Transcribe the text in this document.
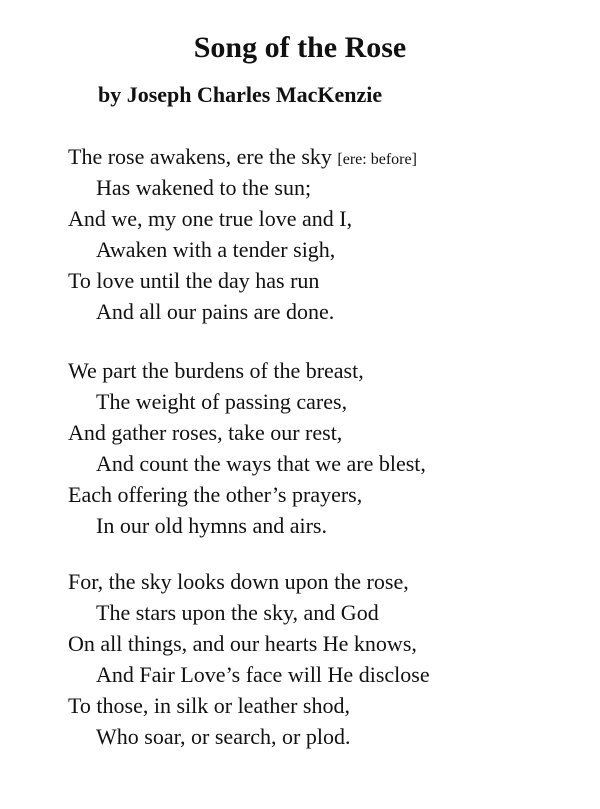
Song of the Rose
by Joseph Charles MacKenzie
The rose awakens, ere the sky [ere: before]
Has wakened to the sun;
And we, my one true love and I,
Awaken with a tender sigh,
To love until the day has run
And all our pains are done.
We part the burdens of the breast,
The weight of passing cares,
And gather roses, take our rest,
And count the ways that we are blest,
Each offering the other’s prayers,
In our old hymns and airs.
For, the sky looks down upon the rose,
The stars upon the sky, and God
On all things, and our hearts He knows,
And Fair Love’s face will He disclose
To those, in silk or leather shod,
Who soar, or search, or plod.
